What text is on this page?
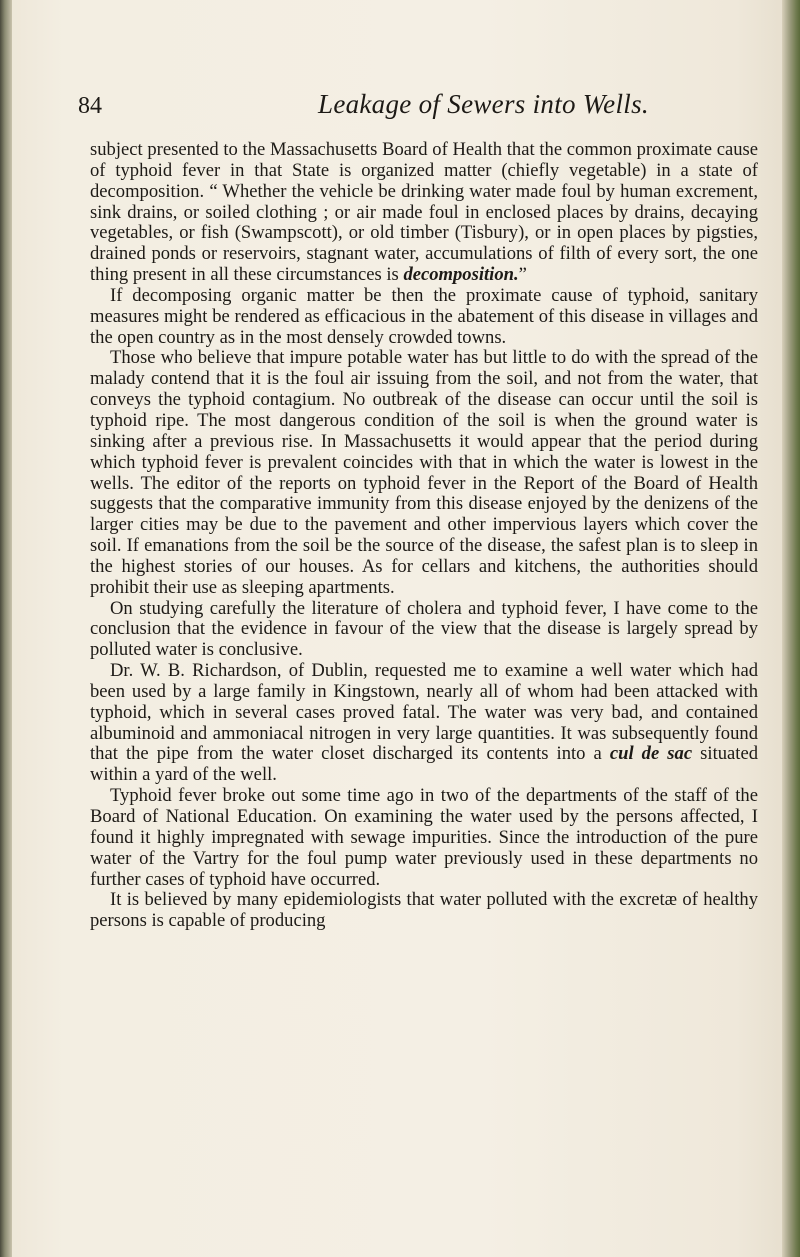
84	Leakage of Sewers into Wells.

subject presented to the Massachusetts Board of Health that the common proximate cause of typhoid fever in that State is organized matter (chiefly vegetable) in a state of decomposition. “ Whether the vehicle be drinking water made foul by human excrement, sink drains, or soiled clothing ; or air made foul in enclosed places by drains, decaying vegetables, or fish (Swampscott), or old timber (Tisbury), or in open places by pigsties, drained ponds or reservoirs, stagnant water, accumulations of filth of every sort, the one thing present in all these circumstances is decomposition.”

If decomposing organic matter be then the proximate cause of typhoid, sanitary measures might be rendered as efficacious in the abatement of this disease in villages and the open country as in the most densely crowded towns.

Those who believe that impure potable water has but little to do with the spread of the malady contend that it is the foul air issuing from the soil, and not from the water, that conveys the typhoid contagium. No outbreak of the disease can occur until the soil is typhoid ripe. The most dangerous condition of the soil is when the ground water is sinking after a previous rise. In Massachusetts it would appear that the period during which typhoid fever is prevalent coincides with that in which the water is lowest in the wells. The editor of the reports on typhoid fever in the Report of the Board of Health suggests that the comparative immunity from this disease enjoyed by the denizens of the larger cities may be due to the pavement and other impervious layers which cover the soil. If emanations from the soil be the source of the disease, the safest plan is to sleep in the highest stories of our houses. As for cellars and kitchens, the authorities should prohibit their use as sleeping apartments.

On studying carefully the literature of cholera and typhoid fever, I have come to the conclusion that the evidence in favour of the view that the disease is largely spread by polluted water is conclusive.

Dr. W. B. Richardson, of Dublin, requested me to examine a well water which had been used by a large family in Kingstown, nearly all of whom had been attacked with typhoid, which in several cases proved fatal. The water was very bad, and contained albuminoid and ammoniacal nitrogen in very large quantities. It was subsequently found that the pipe from the water closet discharged its contents into a cul de sac situated within a yard of the well.

Typhoid fever broke out some time ago in two of the departments of the staff of the Board of National Education. On examining the water used by the persons affected, I found it highly impregnated with sewage impurities. Since the introduction of the pure water of the Vartry for the foul pump water previously used in these departments no further cases of typhoid have occurred.

It is believed by many epidemiologists that water polluted with the excretæ of healthy persons is capable of producing
